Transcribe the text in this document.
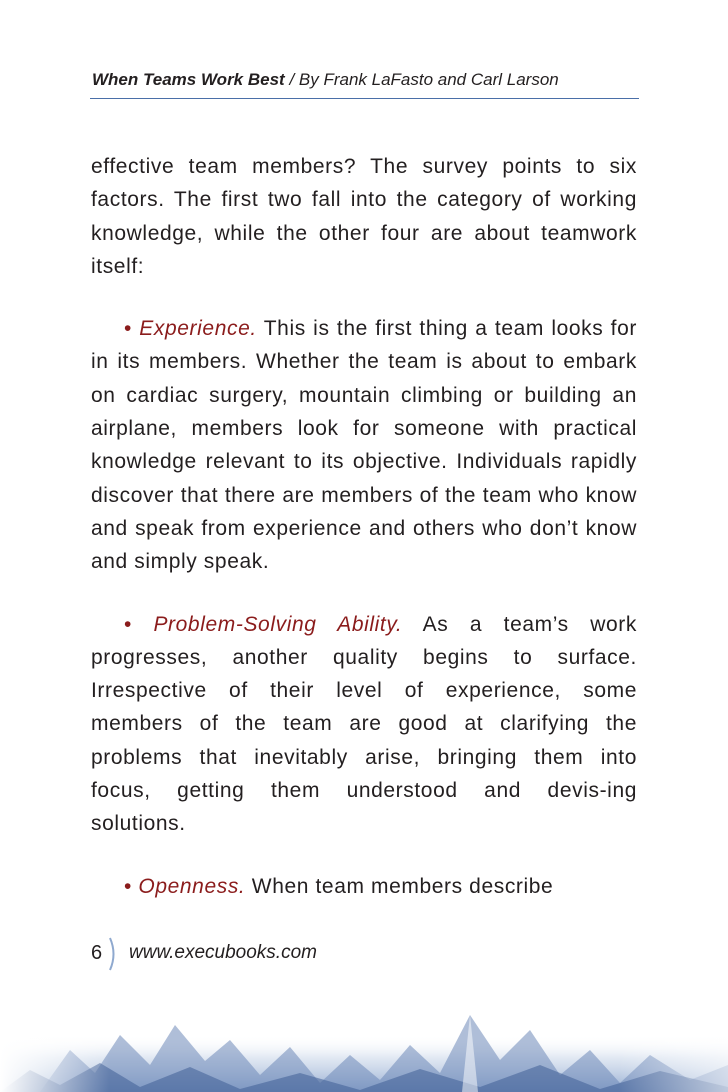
When Teams Work Best / By Frank LaFasto and Carl Larson

effective team members? The survey points to six factors. The first two fall into the category of working knowledge, while the other four are about teamwork itself:

• Experience. This is the first thing a team looks for in its members. Whether the team is about to embark on cardiac surgery, mountain climbing or building an airplane, members look for someone with practical knowledge relevant to its objective. Individuals rapidly discover that there are members of the team who know and speak from experience and others who don’t know and simply speak.

• Problem-Solving Ability. As a team’s work progresses, another quality begins to surface. Irrespective of their level of experience, some members of the team are good at clarifying the problems that inevitably arise, bringing them into focus, getting them understood and devis-ing solutions.

• Openness. When team members describe

6 www.execubooks.com
